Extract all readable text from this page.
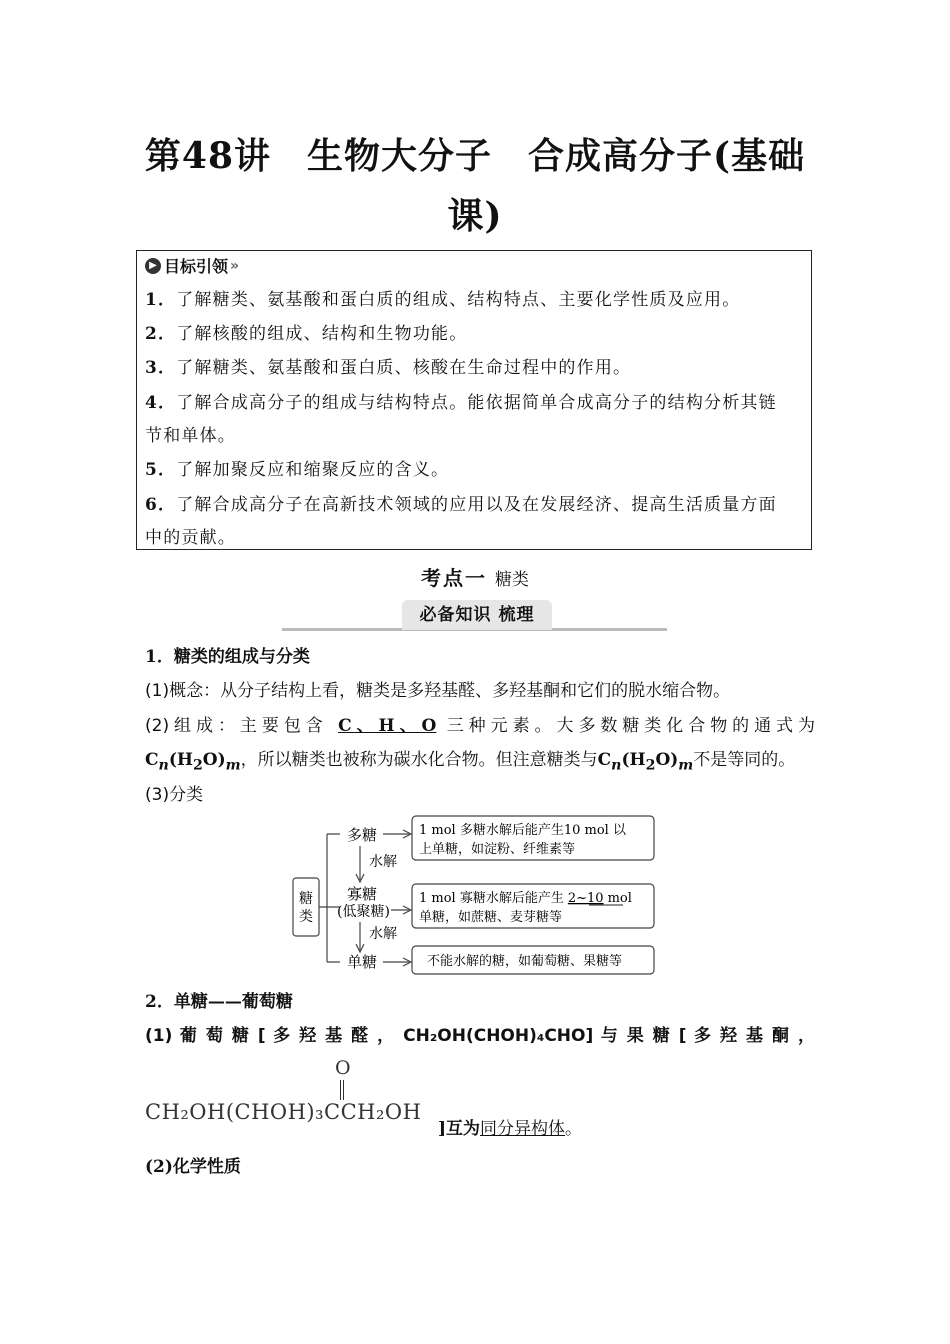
第48讲 生物大分子 合成高分子(基础
课)
▶ 目标引领 »
1．了解糖类、氨基酸和蛋白质的组成、结构特点、主要化学性质及应用。
2．了解核酸的组成、结构和生物功能。
3．了解糖类、氨基酸和蛋白质、核酸在生命过程中的作用。
4．了解合成高分子的组成与结构特点。能依据简单合成高分子的结构分析其链
节和单体。
5．了解加聚反应和缩聚反应的含义。
6．了解合成高分子在高新技术领域的应用以及在发展经济、提高生活质量方面
中的贡献。
考点一 糖类
必备知识 梳理
1．糖类的组成与分类
(1)概念：从分子结构上看，糖类是多羟基醛、多羟基酮和它们的脱水缩合物。
(2)组成：主要包含 C、H、O 三种元素。大多数糖类化合物的通式为
$C_n(H_2O)_m$，所以糖类也被称为碳水化合物。但注意糖类与$C_n(H_2O)_m$不是等同的。
(3)分类
糖
类
多糖
寡糖
(低聚糖)
单糖
水解
水解
1 mol 多糖水解后能产生10 mol 以
上单糖，如淀粉、纤维素等
1 mol 寡糖水解后能产生 2~10 mol
单糖，如蔗糖、麦芽糖等
不能水解的糖，如葡萄糖、果糖等
2．单糖——葡萄糖
(1) 葡 萄 糖 [ 多 羟 基 醛 ， CH₂OH(CHOH)₄CHO] 与 果 糖 [ 多 羟 基 酮 ，
O
CH₂OH(CHOH)₃CCH₂OH
]互为同分异构体。
(2)化学性质
